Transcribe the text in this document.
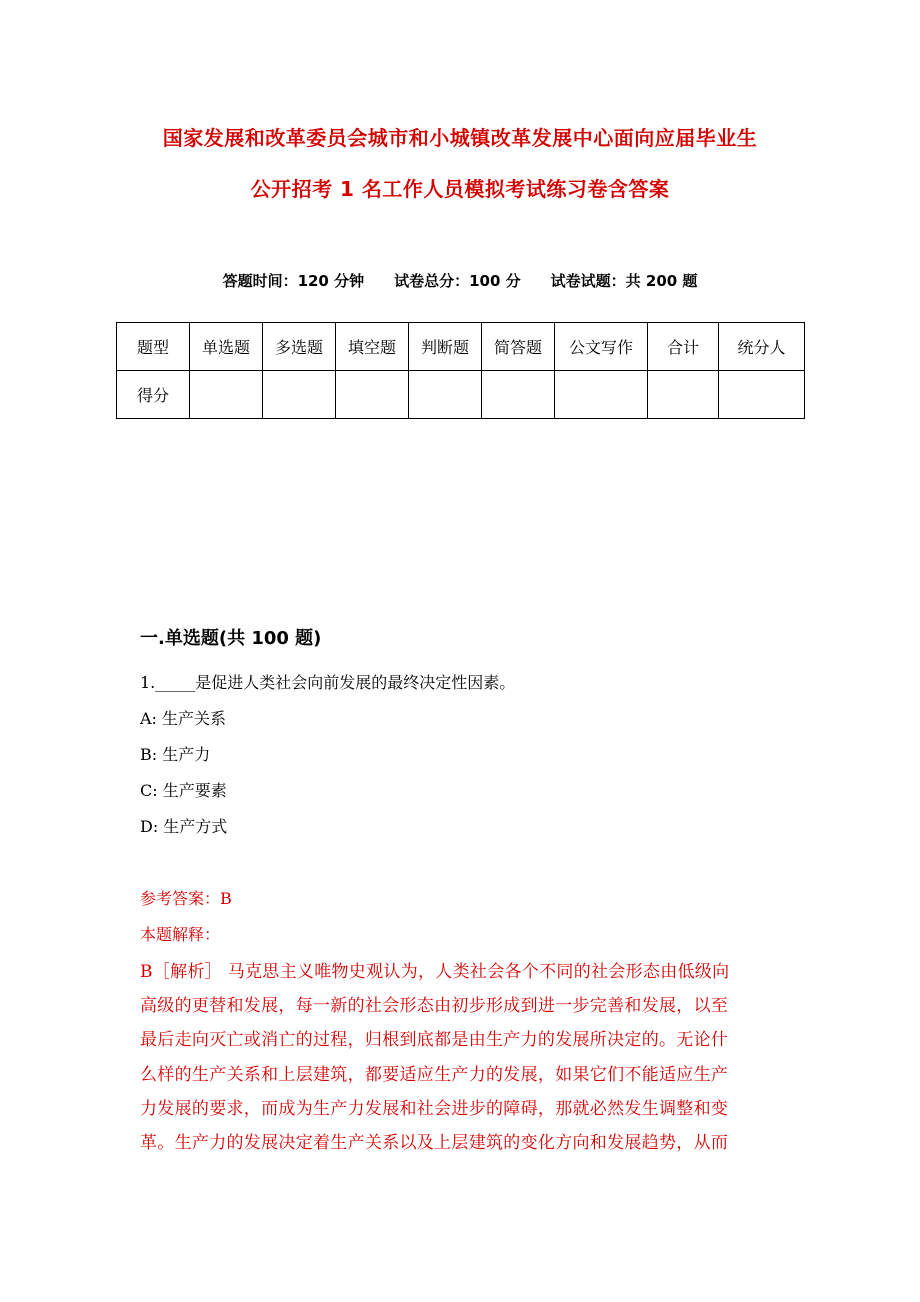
国家发展和改革委员会城市和小城镇改革发展中心面向应届毕业生
公开招考 1 名工作人员模拟考试练习卷含答案
答题时间：120 分钟 试卷总分：100 分 试卷试题：共 200 题
题型	单选题	多选题	填空题	判断题	简答题	公文写作	合计	统分人
得分								
一.单选题(共 100 题)
1._____是促进人类社会向前发展的最终决定性因素。
A: 生产关系
B: 生产力
C: 生产要素
D: 生产方式
参考答案：B
本题解释：
B［解析］ 马克思主义唯物史观认为，人类社会各个不同的社会形态由低级向
高级的更替和发展，每一新的社会形态由初步形成到进一步完善和发展，以至
最后走向灭亡或消亡的过程，归根到底都是由生产力的发展所决定的。无论什
么样的生产关系和上层建筑，都要适应生产力的发展，如果它们不能适应生产
力发展的要求，而成为生产力发展和社会进步的障碍，那就必然发生调整和变
革。生产力的发展决定着生产关系以及上层建筑的变化方向和发展趋势，从而
